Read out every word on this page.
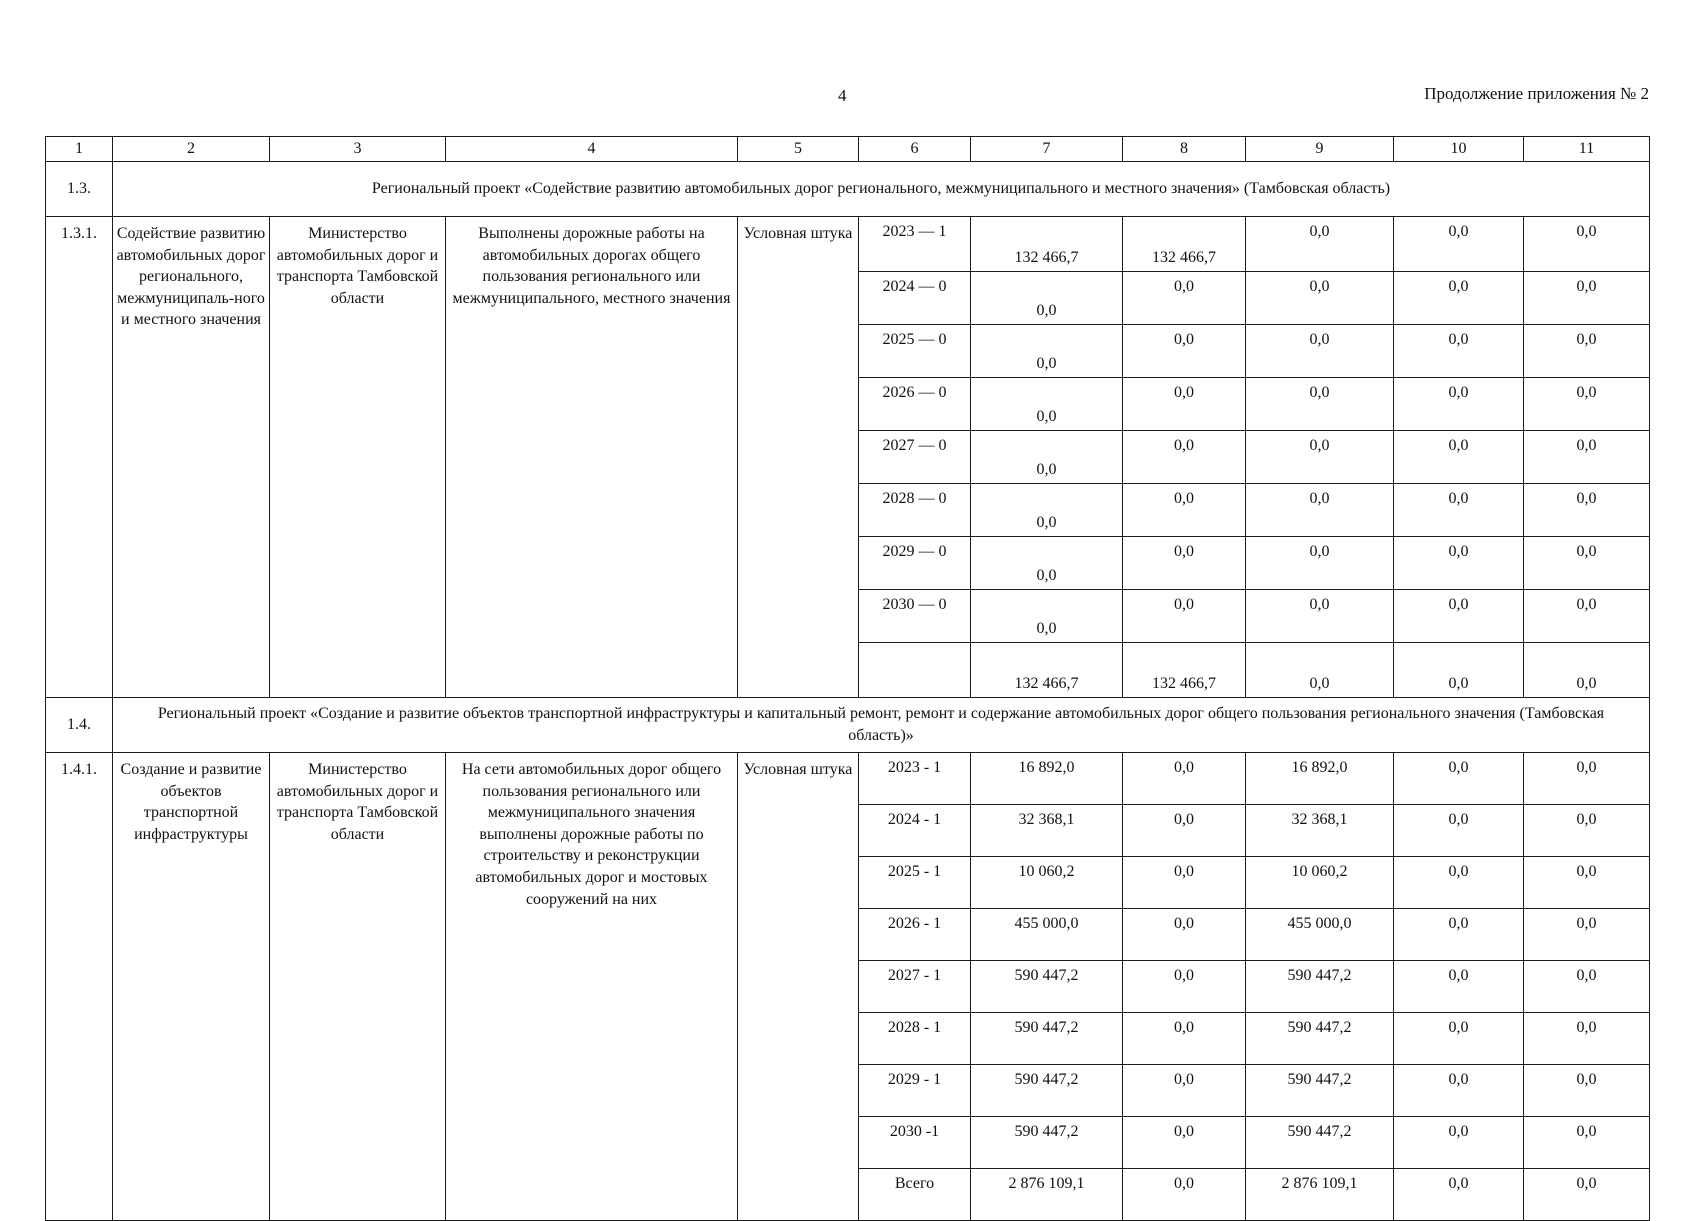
4	Продолжение приложения № 2
1	2	3	4	5	6	7	8	9	10	11
1.3.	Региональный проект «Содействие развитию автомобильных дорог регионального, межмуниципального и местного значения» (Тамбовская область)									
1.3.1.	Содействие развитию автомобильных дорог регионального, межмуниципаль-ного и местного значения	Министерство автомобильных дорог и транспорта Тамбовской области	Выполнены дорожные работы на автомобильных дорогах общего пользования регионального или межмуниципального, местного значения	Условная штука	2023 — 1	132 466,7	132 466,7	0,0	0,0	0,0
					2024 — 0	0,0	0,0	0,0	0,0	0,0
					2025 — 0	0,0	0,0	0,0	0,0	0,0
					2026 — 0	0,0	0,0	0,0	0,0	0,0
					2027 — 0	0,0	0,0	0,0	0,0	0,0
					2028 — 0	0,0	0,0	0,0	0,0	0,0
					2029 — 0	0,0	0,0	0,0	0,0	0,0
					2030 — 0	0,0	0,0	0,0	0,0	0,0
						132 466,7	132 466,7	0,0	0,0	0,0
1.4.	Региональный проект «Создание и развитие объектов транспортной инфраструктуры и капитальный ремонт, ремонт и содержание автомобильных дорог общего пользования регионального значения (Тамбовская область)»									
1.4.1.	Создание и развитие объектов транспортной инфраструктуры	Министерство автомобильных дорог и транспорта Тамбовской области	На сети автомобильных дорог общего пользования регионального или межмуниципального значения выполнены дорожные работы по строительству и реконструкции автомобильных дорог и мостовых сооружений на них	Условная штука	2023 - 1	16 892,0	0,0	16 892,0	0,0	0,0
					2024 - 1	32 368,1	0,0	32 368,1	0,0	0,0
					2025 - 1	10 060,2	0,0	10 060,2	0,0	0,0
					2026 - 1	455 000,0	0,0	455 000,0	0,0	0,0
					2027 - 1	590 447,2	0,0	590 447,2	0,0	0,0
					2028 - 1	590 447,2	0,0	590 447,2	0,0	0,0
					2029 - 1	590 447,2	0,0	590 447,2	0,0	0,0
					2030 -1	590 447,2	0,0	590 447,2	0,0	0,0
					Всего	2 876 109,1	0,0	2 876 109,1	0,0	0,0
